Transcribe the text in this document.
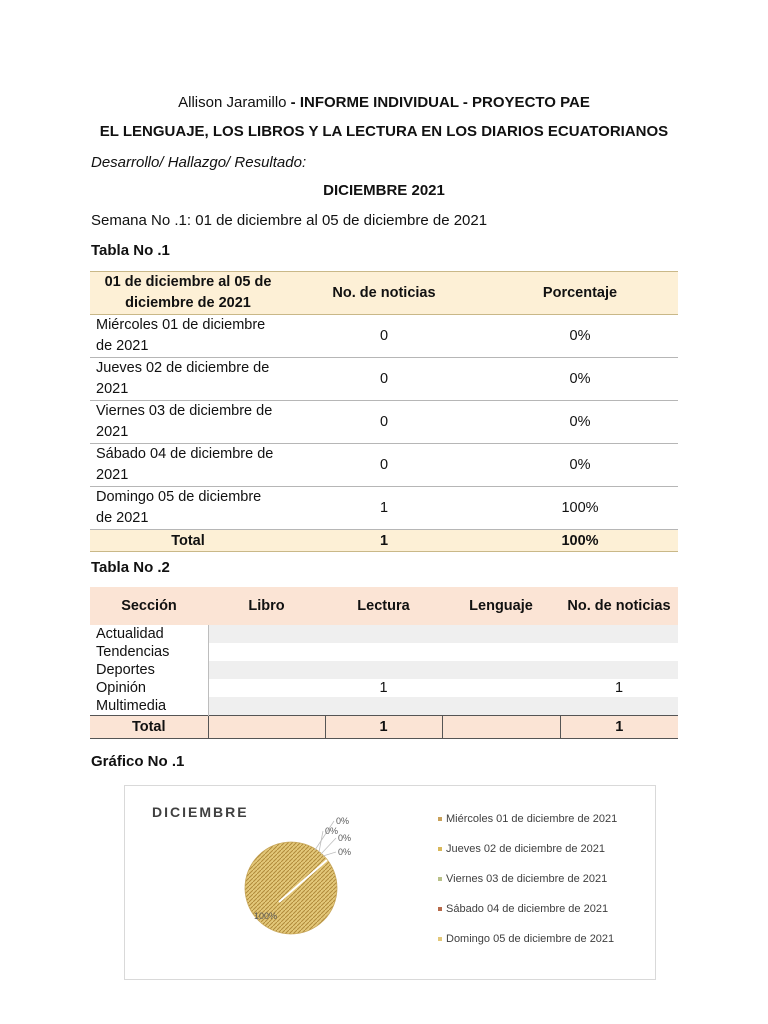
Allison Jaramillo - INFORME INDIVIDUAL - PROYECTO PAE
EL LENGUAJE, LOS LIBROS Y LA LECTURA EN LOS DIARIOS ECUATORIANOS
Desarrollo/ Hallazgo/ Resultado:
DICIEMBRE 2021
Semana No .1: 01 de diciembre al 05 de diciembre de 2021
Tabla No .1
01 de diciembre al 05 de diciembre de 2021	No. de noticias	Porcentaje
Miércoles 01 de diciembre de 2021	0	0%
Jueves 02 de diciembre de 2021	0	0%
Viernes 03 de diciembre de 2021	0	0%
Sábado 04 de diciembre de 2021	0	0%
Domingo 05 de diciembre de 2021	1	100%
Total	1	100%
Tabla No .2
Sección	Libro	Lectura	Lenguaje	No. de noticias
Actualidad				
Tendencias				
Deportes				
Opinión		1		1
Multimedia				
Total		1		1
Gráfico No .1
DICIEMBRE
0%
0%
0%
0%
100%
Miércoles 01 de diciembre de 2021
Jueves 02 de diciembre de 2021
Viernes 03 de diciembre de 2021
Sábado 04 de diciembre de 2021
Domingo 05 de diciembre de 2021
